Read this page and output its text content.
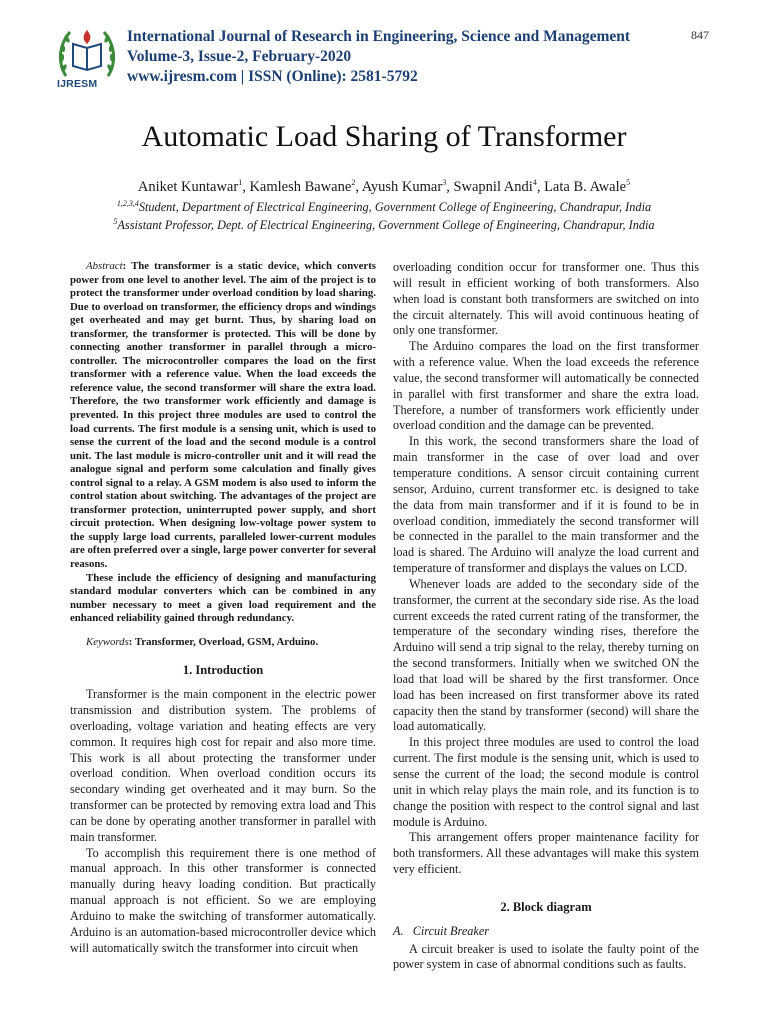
IJRESM
International Journal of Research in Engineering, Science and Management
Volume-3, Issue-2, February-2020
www.ijresm.com | ISSN (Online): 2581-5792
847
Automatic Load Sharing of Transformer
Aniket Kuntawar$^1$, Kamlesh Bawane$^2$, Ayush Kumar$^3$, Swapnil Andi$^4$, Lata B. Awale$^5$
$^{1,2,3,4}$Student, Department of Electrical Engineering, Government College of Engineering, Chandrapur, India
$^5$Assistant Professor, Dept. of Electrical Engineering, Government College of Engineering, Chandrapur, India

Abstract: The transformer is a static device, which converts power from one level to another level. The aim of the project is to protect the transformer under overload condition by load sharing. Due to overload on transformer, the efficiency drops and windings get overheated and may get burnt. Thus, by sharing load on transformer, the transformer is protected. This will be done by connecting another transformer in parallel through a micro-controller. The microcontroller compares the load on the first transformer with a reference value. When the load exceeds the reference value, the second transformer will share the extra load. Therefore, the two transformer work efficiently and damage is prevented. In this project three modules are used to control the load currents. The first module is a sensing unit, which is used to sense the current of the load and the second module is a control unit. The last module is micro-controller unit and it will read the analogue signal and perform some calculation and finally gives control signal to a relay. A GSM modem is also used to inform the control station about switching. The advantages of the project are transformer protection, uninterrupted power supply, and short circuit protection. When designing low-voltage power system to the supply large load currents, paralleled lower-current modules are often preferred over a single, large power converter for several reasons.

These include the efficiency of designing and manufacturing standard modular converters which can be combined in any number necessary to meet a given load requirement and the enhanced reliability gained through redundancy.

Keywords: Transformer, Overload, GSM, Arduino.

1. Introduction

Transformer is the main component in the electric power transmission and distribution system. The problems of overloading, voltage variation and heating effects are very common. It requires high cost for repair and also more time. This work is all about protecting the transformer under overload condition. When overload condition occurs its secondary winding get overheated and it may burn. So the transformer can be protected by removing extra load and This can be done by operating another transformer in parallel with main transformer.

To accomplish this requirement there is one method of manual approach. In this other transformer is connected manually during heavy loading condition. But practically manual approach is not efficient. So we are employing Arduino to make the switching of transformer automatically. Arduino is an automation-based microcontroller device which will automatically switch the transformer into circuit when

overloading condition occur for transformer one. Thus this will result in efficient working of both transformers. Also when load is constant both transformers are switched on into the circuit alternately. This will avoid continuous heating of only one transformer.

The Arduino compares the load on the first transformer with a reference value. When the load exceeds the reference value, the second transformer will automatically be connected in parallel with first transformer and share the extra load. Therefore, a number of transformers work efficiently under overload condition and the damage can be prevented.

In this work, the second transformers share the load of main transformer in the case of over load and over temperature conditions. A sensor circuit containing current sensor, Arduino, current transformer etc. is designed to take the data from main transformer and if it is found to be in overload condition, immediately the second transformer will be connected in the parallel to the main transformer and the load is shared. The Arduino will analyze the load current and temperature of transformer and displays the values on LCD.

Whenever loads are added to the secondary side of the transformer, the current at the secondary side rise. As the load current exceeds the rated current rating of the transformer, the temperature of the secondary winding rises, therefore the Arduino will send a trip signal to the relay, thereby turning on the second transformers. Initially when we switched ON the load that load will be shared by the first transformer. Once load has been increased on first transformer above its rated capacity then the stand by transformer (second) will share the load automatically.

In this project three modules are used to control the load current. The first module is the sensing unit, which is used to sense the current of the load; the second module is control unit in which relay plays the main role, and its function is to change the position with respect to the control signal and last module is Arduino.

This arrangement offers proper maintenance facility for both transformers. All these advantages will make this system very efficient.

2. Block diagram
A. Circuit Breaker

A circuit breaker is used to isolate the faulty point of the power system in case of abnormal conditions such as faults.
